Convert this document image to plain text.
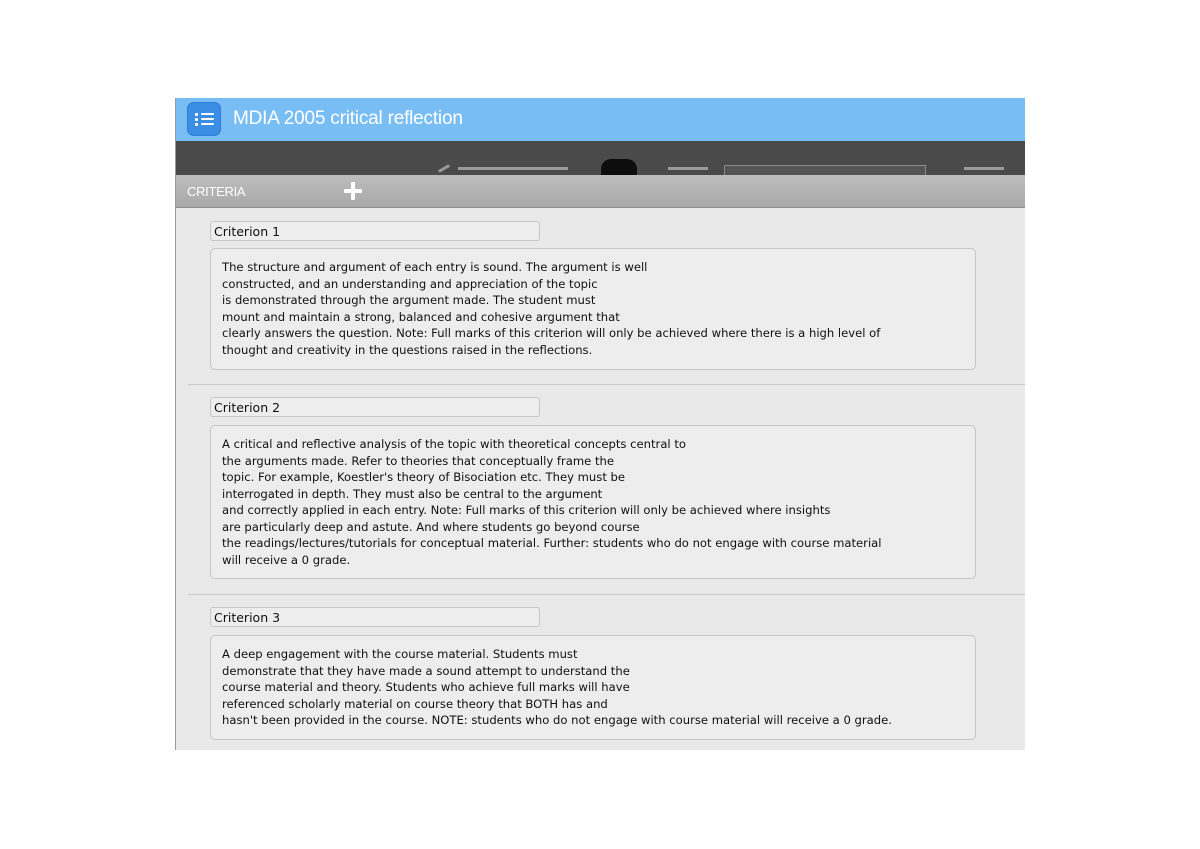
MDIA 2005 critical reflection
CRITERIA
Criterion 1
The structure and argument of each entry is sound. The argument is well
constructed, and an understanding and appreciation of the topic
is demonstrated through the argument made. The student must
mount and maintain a strong, balanced and cohesive argument that
clearly answers the question. Note: Full marks of this criterion will only be achieved where there is a high level of
thought and creativity in the questions raised in the reflections.
Criterion 2
A critical and reflective analysis of the topic with theoretical concepts central to
the arguments made. Refer to theories that conceptually frame the
topic. For example, Koestler's theory of Bisociation etc. They must be
interrogated in depth. They must also be central to the argument
and correctly applied in each entry. Note: Full marks of this criterion will only be achieved where insights
are particularly deep and astute. And where students go beyond course
the readings/lectures/tutorials for conceptual material. Further: students who do not engage with course material
will receive a 0 grade.
Criterion 3
A deep engagement with the course material. Students must
demonstrate that they have made a sound attempt to understand the
course material and theory. Students who achieve full marks will have
referenced scholarly material on course theory that BOTH has and
hasn't been provided in the course. NOTE: students who do not engage with course material will receive a 0 grade.
